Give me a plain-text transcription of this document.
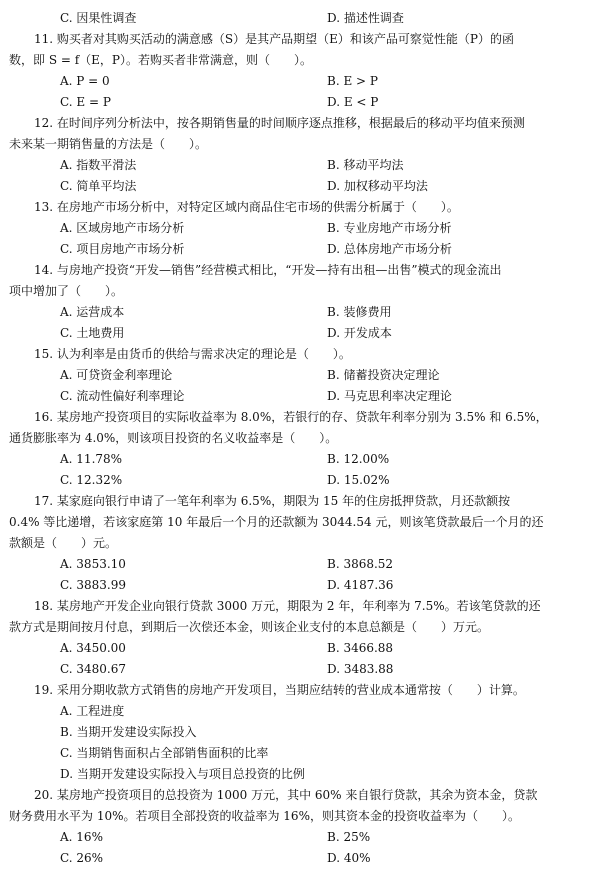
C. 因果性调查	D. 描述性调查
11. 购买者对其购买活动的满意感（S）是其产品期望（E）和该产品可察觉性能（P）的函
数，即 S = f（E，P）。若购买者非常满意，则（　　）。
A. P = 0	B. E > P
C. E = P	D. E < P
12. 在时间序列分析法中，按各期销售量的时间顺序逐点推移，根据最后的移动平均值来预测
未来某一期销售量的方法是（　　）。
A. 指数平滑法	B. 移动平均法
C. 简单平均法	D. 加权移动平均法
13. 在房地产市场分析中，对特定区域内商品住宅市场的供需分析属于（　　）。
A. 区域房地产市场分析	B. 专业房地产市场分析
C. 项目房地产市场分析	D. 总体房地产市场分析
14. 与房地产投资“开发—销售”经营模式相比，“开发—持有出租—出售”模式的现金流出
项中增加了（　　）。
A. 运营成本	B. 装修费用
C. 土地费用	D. 开发成本
15. 认为利率是由货币的供给与需求决定的理论是（　　）。
A. 可贷资金利率理论	B. 储蓄投资决定理论
C. 流动性偏好利率理论	D. 马克思利率决定理论
16. 某房地产投资项目的实际收益率为 8.0%，若银行的存、贷款年利率分别为 3.5% 和 6.5%，
通货膨胀率为 4.0%，则该项目投资的名义收益率是（　　）。
A. 11.78%	B. 12.00%
C. 12.32%	D. 15.02%
17. 某家庭向银行申请了一笔年利率为 6.5%，期限为 15 年的住房抵押贷款，月还款额按
0.4% 等比递增，若该家庭第 10 年最后一个月的还款额为 3044.54 元，则该笔贷款最后一个月的还
款额是（　　）元。
A. 3853.10	B. 3868.52
C. 3883.99	D. 4187.36
18. 某房地产开发企业向银行贷款 3000 万元，期限为 2 年，年利率为 7.5%。若该笔贷款的还
款方式是期间按月付息，到期后一次偿还本金，则该企业支付的本息总额是（　　）万元。
A. 3450.00	B. 3466.88
C. 3480.67	D. 3483.88
19. 采用分期收款方式销售的房地产开发项目，当期应结转的营业成本通常按（　　）计算。
A. 工程进度
B. 当期开发建设实际投入
C. 当期销售面积占全部销售面积的比率
D. 当期开发建设实际投入与项目总投资的比例
20. 某房地产投资项目的总投资为 1000 万元，其中 60% 来自银行贷款，其余为资本金，贷款
财务费用水平为 10%。若项目全部投资的收益率为 16%，则其资本金的投资收益率为（　　）。
A. 16%	B. 25%
C. 26%	D. 40%
